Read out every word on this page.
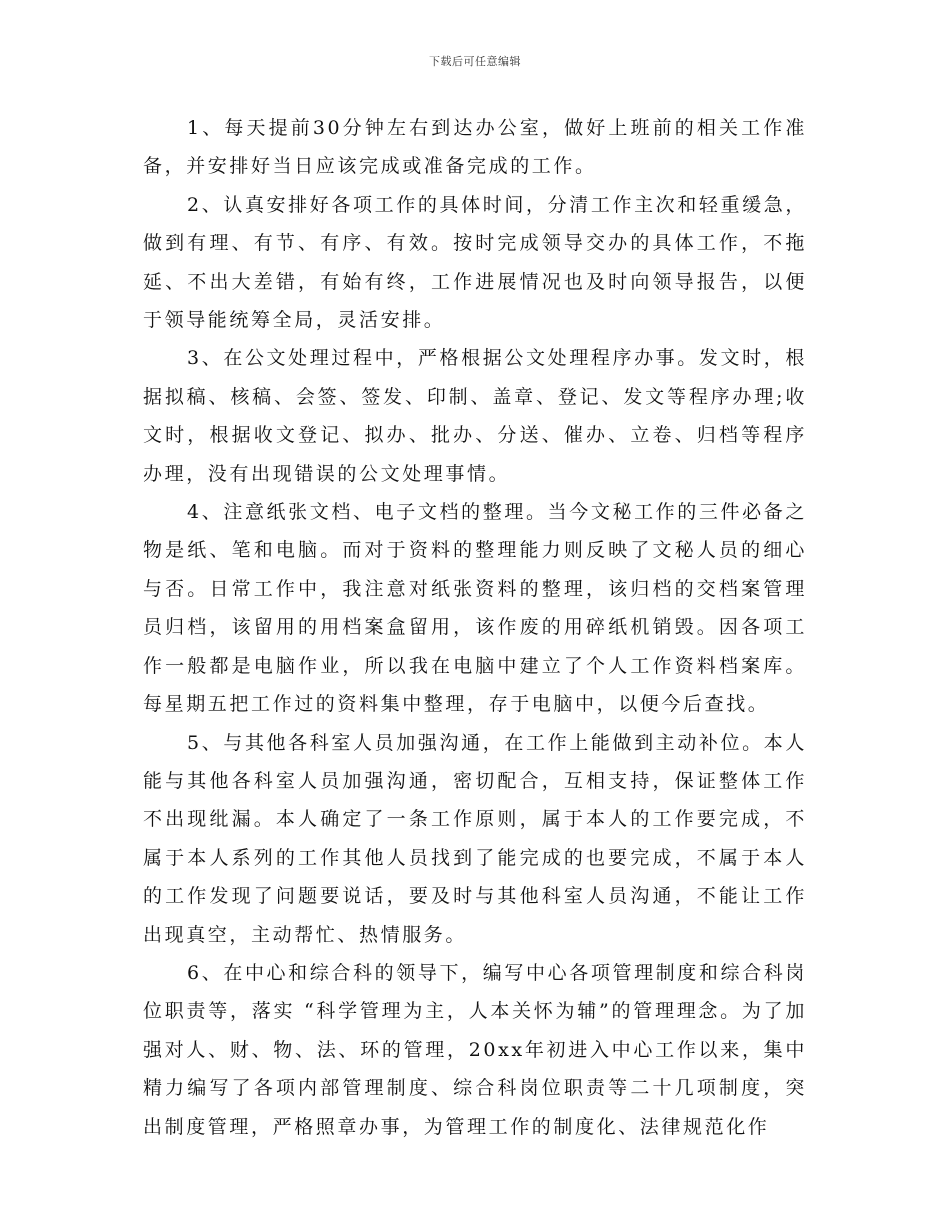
下载后可任意编辑

1、每天提前30分钟左右到达办公室，做好上班前的相关工作准备，并安排好当日应该完成或准备完成的工作。

2、认真安排好各项工作的具体时间，分清工作主次和轻重缓急，做到有理、有节、有序、有效。按时完成领导交办的具体工作，不拖延、不出大差错，有始有终，工作进展情况也及时向领导报告，以便于领导能统筹全局，灵活安排。

3、在公文处理过程中，严格根据公文处理程序办事。发文时，根据拟稿、核稿、会签、签发、印制、盖章、登记、发文等程序办理;收文时，根据收文登记、拟办、批办、分送、催办、立卷、归档等程序办理，没有出现错误的公文处理事情。

4、注意纸张文档、电子文档的整理。当今文秘工作的三件必备之物是纸、笔和电脑。而对于资料的整理能力则反映了文秘人员的细心与否。日常工作中，我注意对纸张资料的整理，该归档的交档案管理员归档，该留用的用档案盒留用，该作废的用碎纸机销毁。因各项工作一般都是电脑作业，所以我在电脑中建立了个人工作资料档案库。每星期五把工作过的资料集中整理，存于电脑中，以便今后查找。

5、与其他各科室人员加强沟通，在工作上能做到主动补位。本人能与其他各科室人员加强沟通，密切配合，互相支持，保证整体工作不出现纰漏。本人确定了一条工作原则，属于本人的工作要完成，不属于本人系列的工作其他人员找到了能完成的也要完成，不属于本人的工作发现了问题要说话，要及时与其他科室人员沟通，不能让工作出现真空，主动帮忙、热情服务。

6、在中心和综合科的领导下，编写中心各项管理制度和综合科岗位职责等，落实 “科学管理为主，人本关怀为辅”的管理理念。为了加强对人、财、物、法、环的管理，20xx年初进入中心工作以来，集中精力编写了各项内部管理制度、综合科岗位职责等二十几项制度，突出制度管理，严格照章办事，为管理工作的制度化、法律规范化作
